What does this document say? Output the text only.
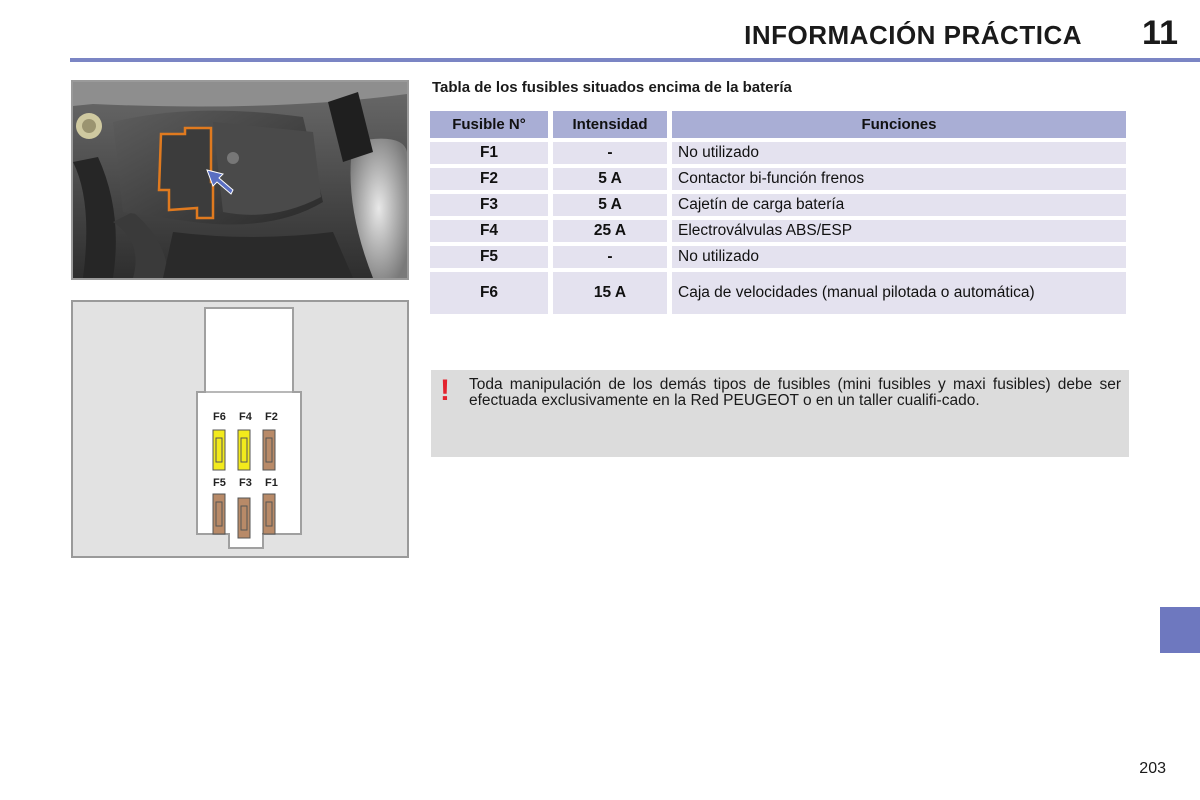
INFORMACIÓN PRÁCTICA 11
F6 F4 F2
F5 F3 F1
Tabla de los fusibles situados encima de la batería
Fusible N°	Intensidad	Funciones
F1	-	No utilizado
F2	5 A	Contactor bi-función frenos
F3	5 A	Cajetín de carga batería
F4	25 A	Electroválvulas ABS/ESP
F5	-	No utilizado
F6	15 A	Caja de velocidades (manual pilotada o automática)
! Toda manipulación de los demás tipos de fusibles (mini fusibles y maxi fusibles) debe ser efectuada exclusivamente en la Red PEUGEOT o en un taller cualifi-cado.
203
